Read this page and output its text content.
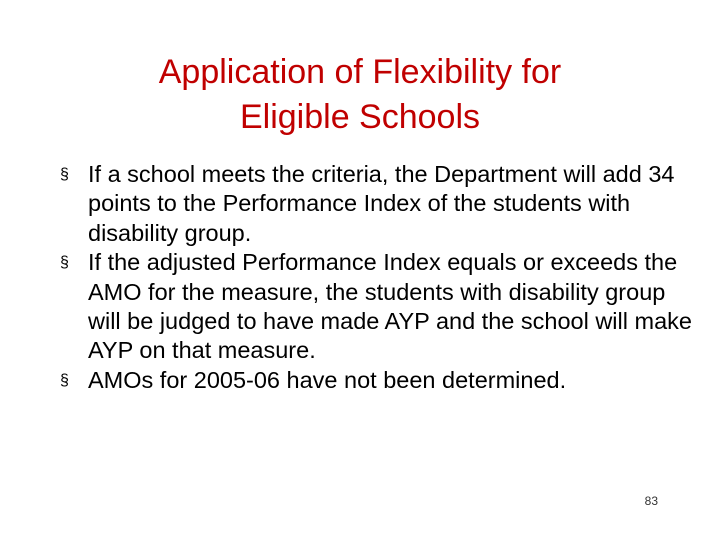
Application of Flexibility for
Eligible Schools
§ If a school meets the criteria, the Department will add 34 points to the Performance Index of the students with disability group.
§ If the adjusted Performance Index equals or exceeds the AMO for the measure, the students with disability group will be judged to have made AYP and the school will make AYP on that measure.
§ AMOs for 2005-06 have not been determined.
83
